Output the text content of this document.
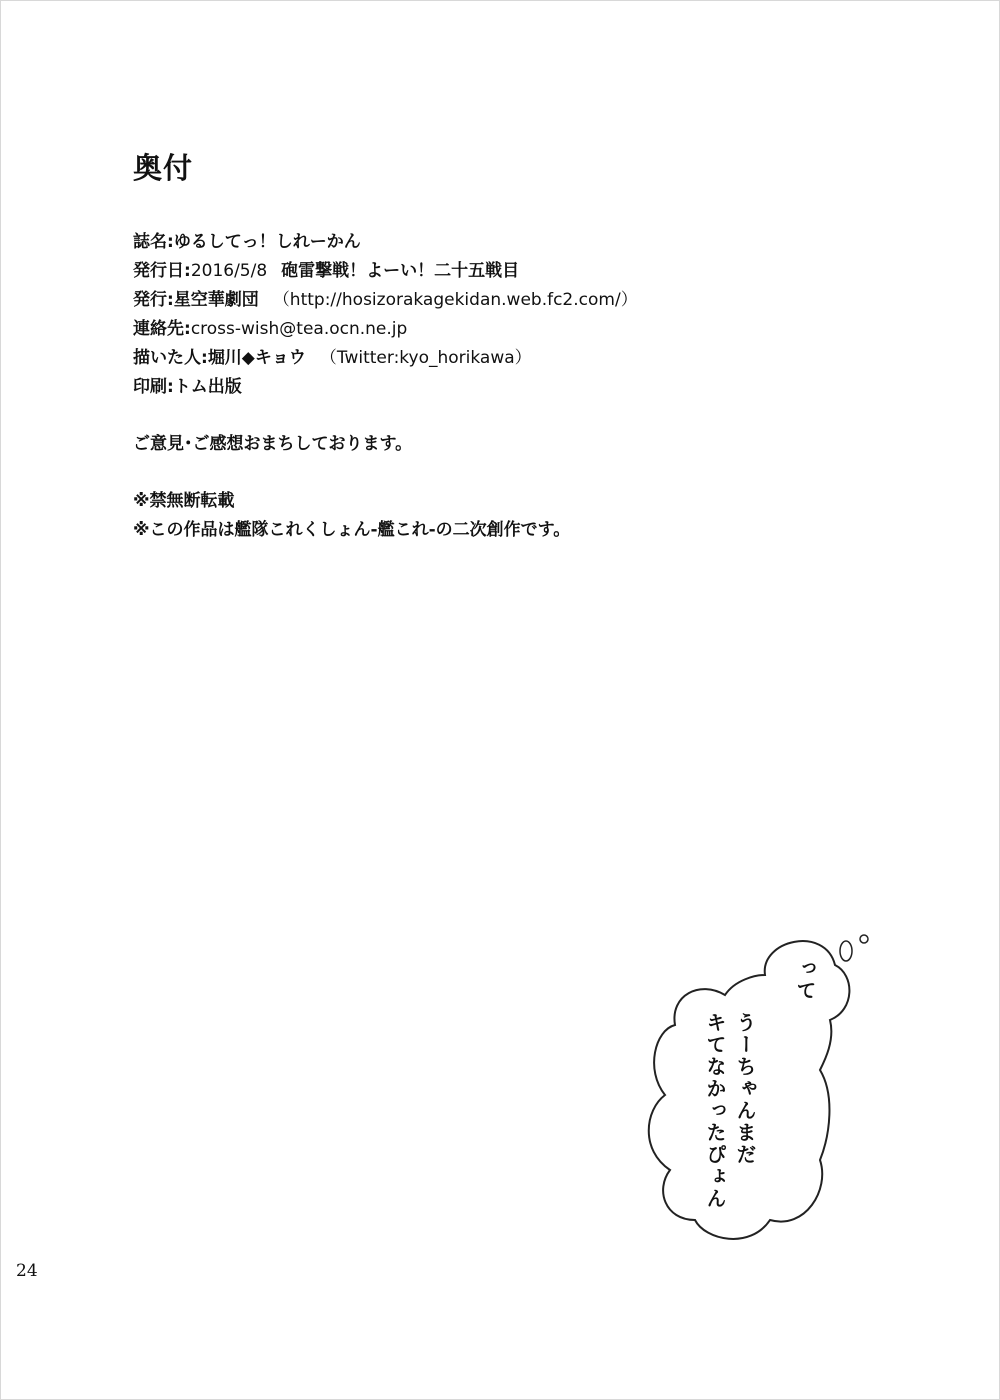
奥付
誌名: ゆるしてっ！しれーかん
発行日: 2016/5/8 砲雷撃戦！よーい！二十五戦目
発行: 星空華劇団 （http://hosizorakagekidan.web.fc2.com/）
連絡先: cross-wish@tea.ocn.ne.jp
描いた人: 堀川◆キョウ （Twitter:kyo_horikawa）
印刷: トム出版
ご意見･ご感想おまちしております。
※禁無断転載
※この作品は艦隊これくしょん-艦これ-の二次創作です。
って
うーちゃんまだ
キてなかったぴょん
24
